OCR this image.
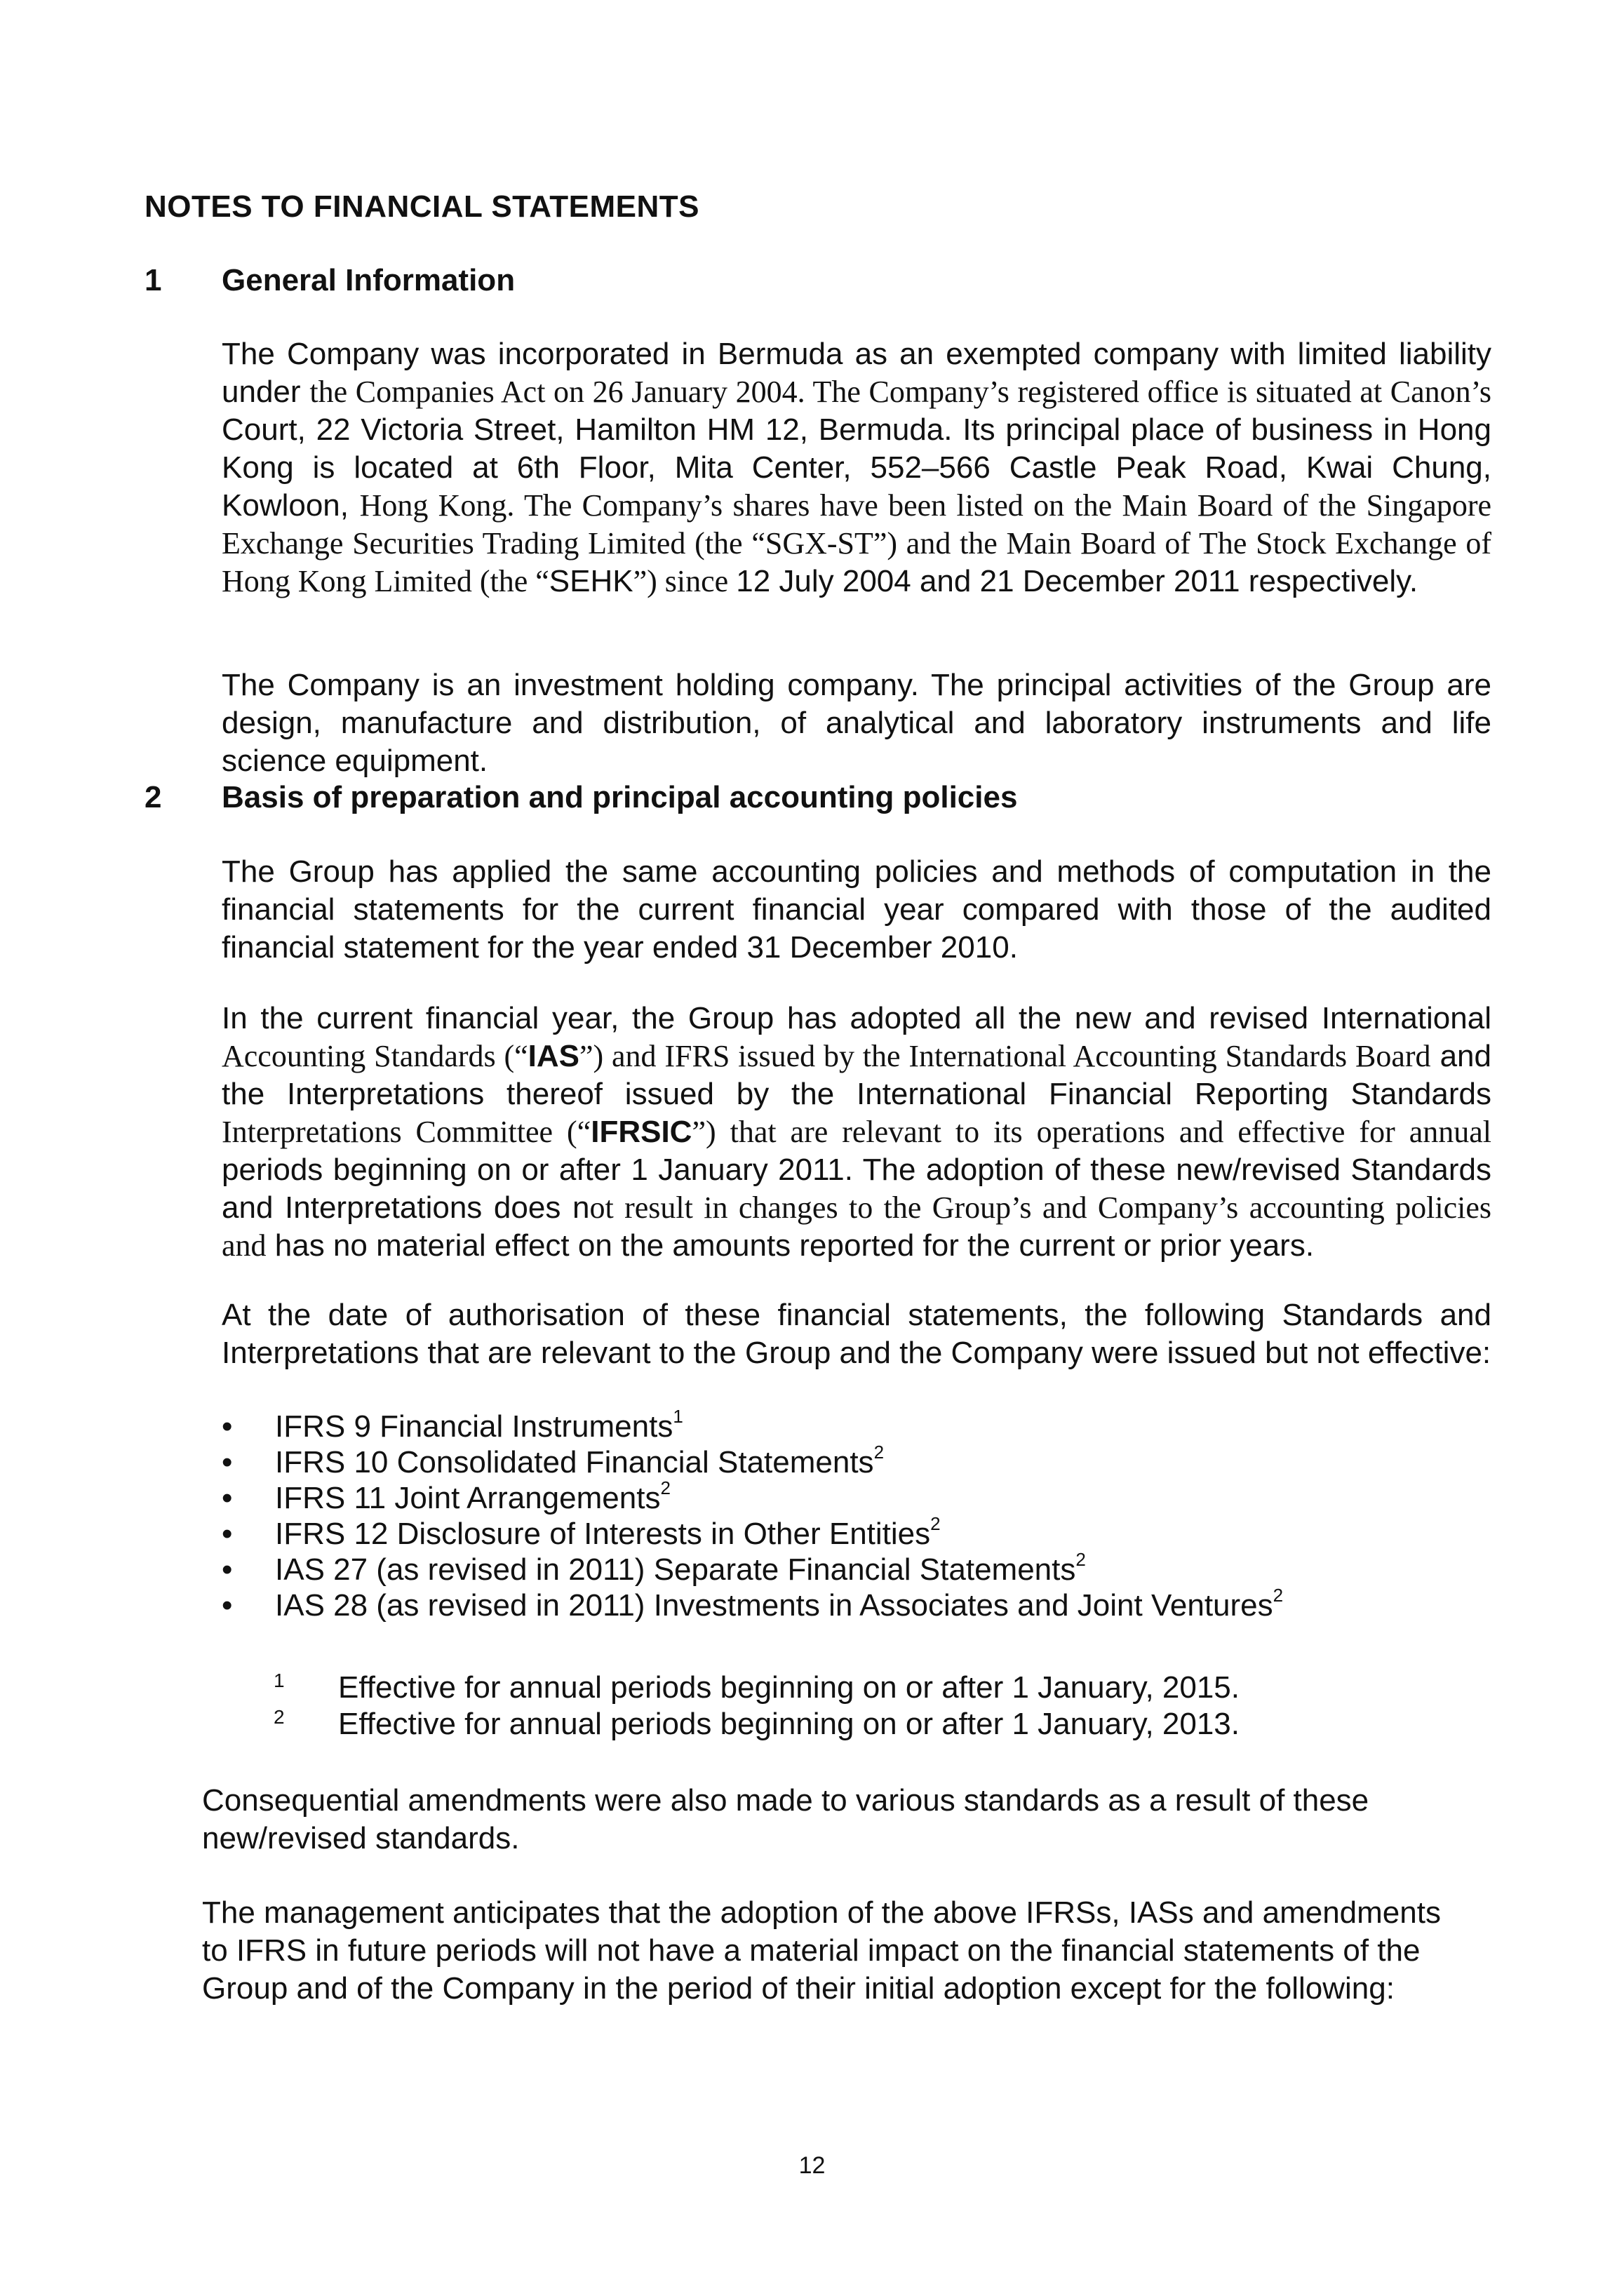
NOTES TO FINANCIAL STATEMENTS
1 General Information

The Company was incorporated in Bermuda as an exempted company with limited liability under the Companies Act on 26 January 2004. The Company’s registered office is situated at Canon’s Court, 22 Victoria Street, Hamilton HM 12, Bermuda. Its principal place of business in Hong Kong is located at 6th Floor, Mita Center, 552–566 Castle Peak Road, Kwai Chung, Kowloon, Hong Kong. The Company’s shares have been listed on the Main Board of the Singapore Exchange Securities Trading Limited (the “SGX-ST”) and the Main Board of The Stock Exchange of Hong Kong Limited (the “SEHK”) since 12 July 2004 and 21 December 2011 respectively.

The Company is an investment holding company. The principal activities of the Group are design, manufacture and distribution, of analytical and laboratory instruments and life science equipment.

2 Basis of preparation and principal accounting policies

The Group has applied the same accounting policies and methods of computation in the financial statements for the current financial year compared with those of the audited financial statement for the year ended 31 December 2010.

In the current financial year, the Group has adopted all the new and revised International Accounting Standards (“IAS”) and IFRS issued by the International Accounting Standards Board and the Interpretations thereof issued by the International Financial Reporting Standards Interpretations Committee (“IFRSIC”) that are relevant to its operations and effective for annual periods beginning on or after 1 January 2011. The adoption of these new/revised Standards and Interpretations does not result in changes to the Group’s and Company’s accounting policies and has no material effect on the amounts reported for the current or prior years.

At the date of authorisation of these financial statements, the following Standards and Interpretations that are relevant to the Group and the Company were issued but not effective:

• IFRS 9 Financial Instruments$^1$
• IFRS 10 Consolidated Financial Statements$^2$
• IFRS 11 Joint Arrangements$^2$
• IFRS 12 Disclosure of Interests in Other Entities$^2$
• IAS 27 (as revised in 2011) Separate Financial Statements$^2$
• IAS 28 (as revised in 2011) Investments in Associates and Joint Ventures$^2$
1 Effective for annual periods beginning on or after 1 January, 2015.
2 Effective for annual periods beginning on or after 1 January, 2013.

Consequential amendments were also made to various standards as a result of these new/revised standards.

The management anticipates that the adoption of the above IFRSs, IASs and amendments to IFRS in future periods will not have a material impact on the financial statements of the Group and of the Company in the period of their initial adoption except for the following:

12
